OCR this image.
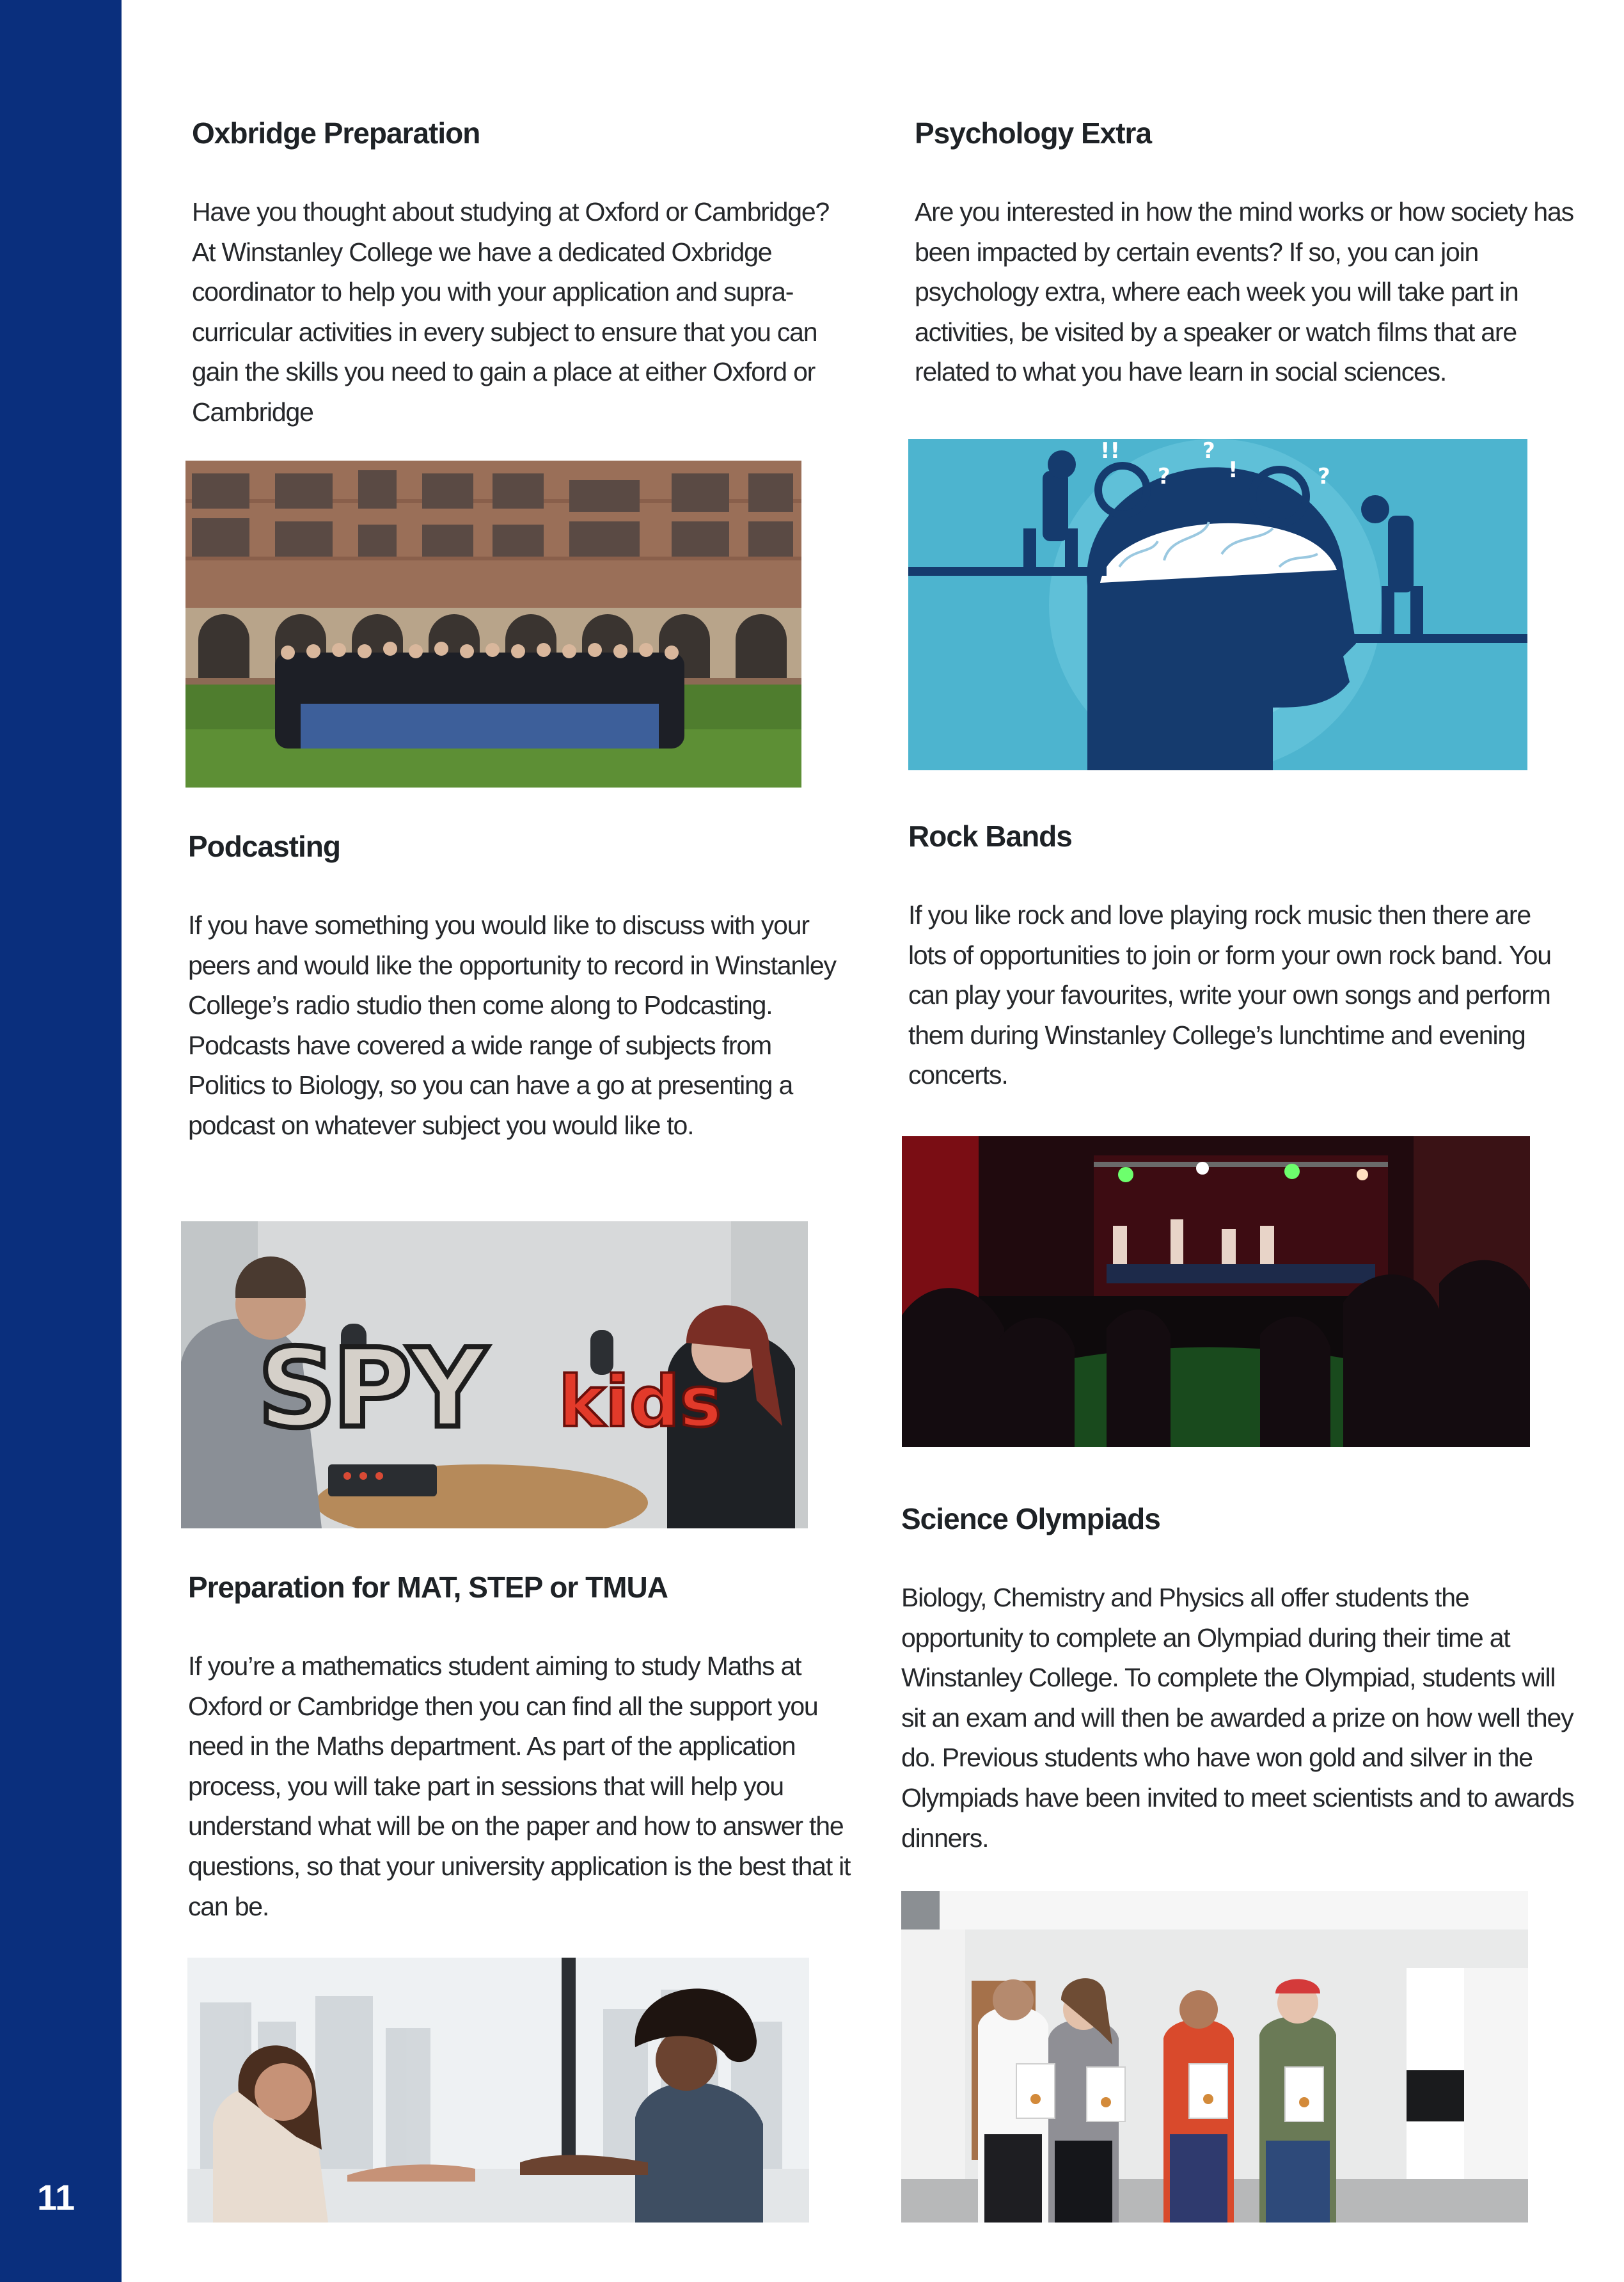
11
Oxbridge Preparation

Have you thought about studying at Oxford or Cambridge? At Winstanley College we have a dedicated Oxbridge coordinator to help you with your application and supra-curricular activities in every subject to ensure that you can gain the skills you need to gain a place at either Oxford or Cambridge

Psychology Extra

Are you interested in how the mind works or how society has been impacted by certain events? If so, you can join psychology extra, where each week you will take part in activities, be visited by a speaker or watch films that are related to what you have learn in social sciences.

!!
?
?
!	?
Podcasting

If you have something you would like to discuss with your peers and would like the opportunity to record in Winstanley College’s radio studio then come along to Podcasting. Podcasts have covered a wide range of subjects from Politics to Biology, so you can have a go at presenting a podcast on whatever subject you would like to.

SPY kids
Rock Bands

If you like rock and love playing rock music then there are lots of opportunities to join or form your own rock band. You can play your favourites, write your own songs and perform them during Winstanley College’s lunchtime and evening concerts.

Preparation for MAT, STEP or TMUA

If you’re a mathematics student aiming to study Maths at Oxford or Cambridge then you can find all the support you need in the Maths department. As part of the application process, you will take part in sessions that will help you understand what will be on the paper and how to answer the questions, so that your university application is the best that it can be.

Science Olympiads

Biology, Chemistry and Physics all offer students the opportunity to complete an Olympiad during their time at Winstanley College. To complete the Olympiad, students will sit an exam and will then be awarded a prize on how well they do. Previous students who have won gold and silver in the Olympiads have been invited to meet scientists and to awards dinners.
